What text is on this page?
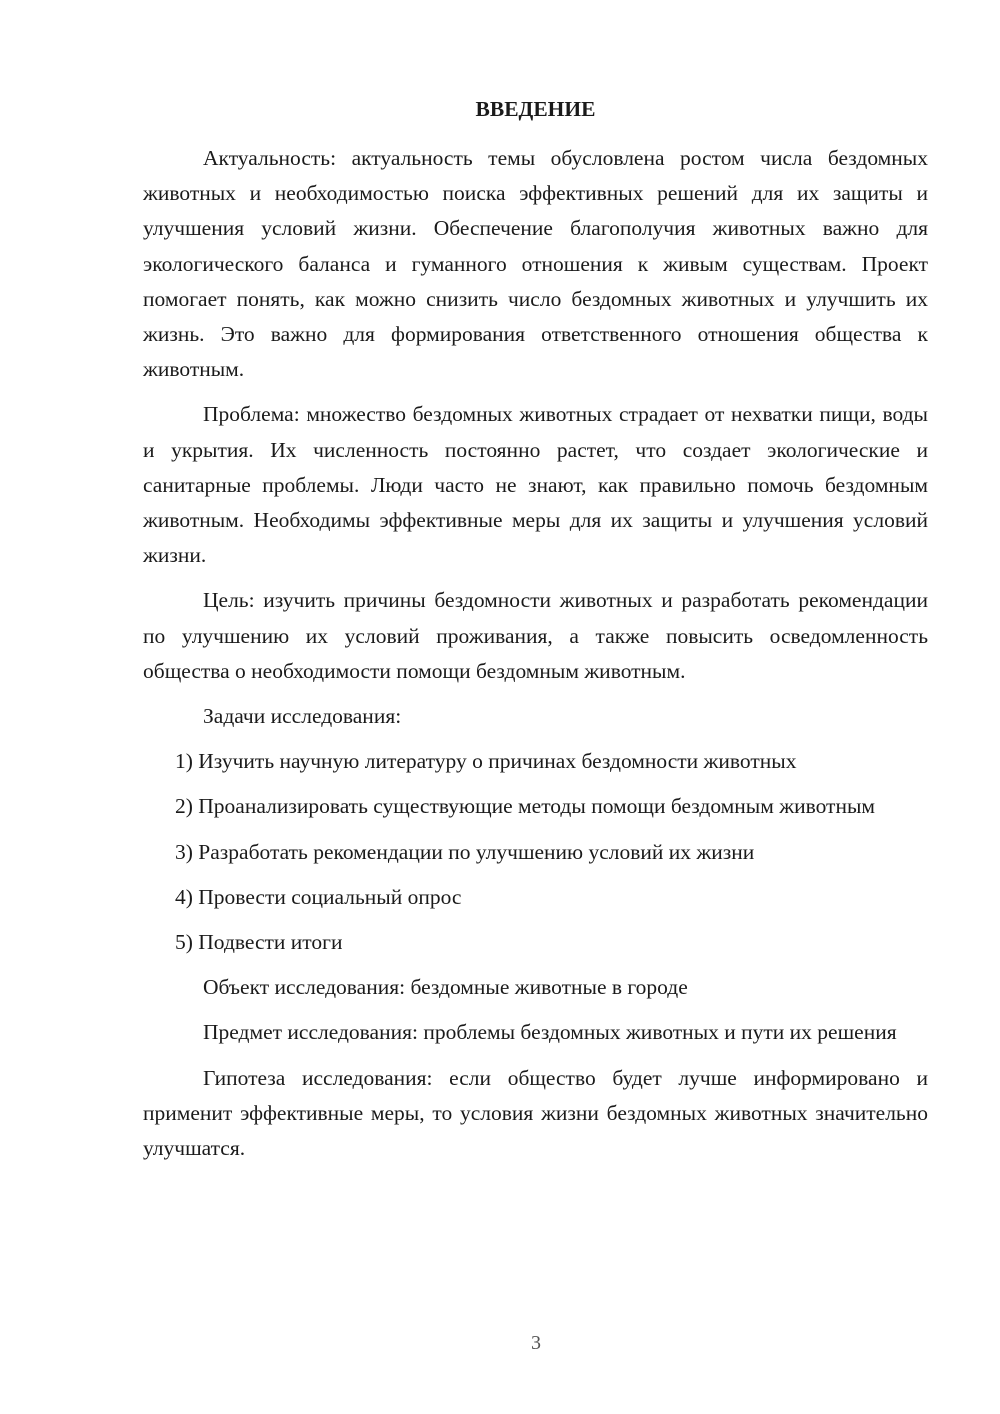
ВВЕДЕНИЕ

Актуальность: актуальность темы обусловлена ростом числа бездомных животных и необходимостью поиска эффективных решений для их защиты и улучшения условий жизни. Обеспечение благополучия животных важно для экологического баланса и гуманного отношения к живым существам. Проект помогает понять, как можно снизить число бездомных животных и улучшить их жизнь. Это важно для формирования ответственного отношения общества к животным.

Проблема: множество бездомных животных страдает от нехватки пищи, воды и укрытия. Их численность постоянно растет, что создает экологические и санитарные проблемы. Люди часто не знают, как правильно помочь бездомным животным. Необходимы эффективные меры для их защиты и улучшения условий жизни.

Цель: изучить причины бездомности животных и разработать рекомендации по улучшению их условий проживания, а также повысить осведомленность общества о необходимости помощи бездомным животным.

Задачи исследования:

1) Изучить научную литературу о причинах бездомности животных

2) Проанализировать существующие методы помощи бездомным животным

3) Разработать рекомендации по улучшению условий их жизни

4) Провести социальный опрос

5) Подвести итоги

Объект исследования: бездомные животные в городе

Предмет исследования: проблемы бездомных животных и пути их решения

Гипотеза исследования: если общество будет лучше информировано и применит эффективные меры, то условия жизни бездомных животных значительно улучшатся.

3
